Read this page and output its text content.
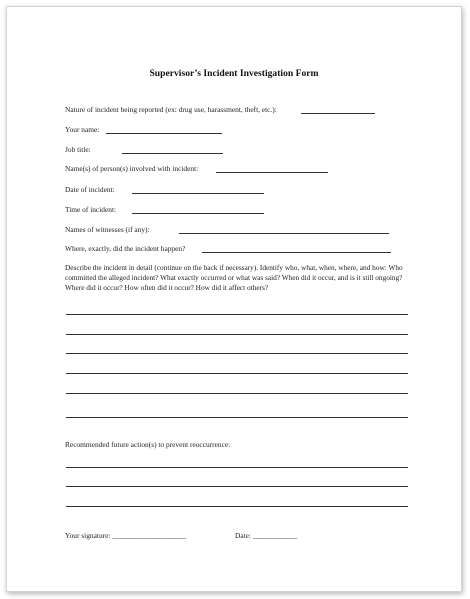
Supervisor’s Incident Investigation Form
Nature of incident being reported (ex: drug use, harassment, theft, etc.):
Your name:
Job title:
Name(s) of person(s) involved with incident:
Date of incident:
Time of incident:
Names of witnesses (if any):
Where, exactly, did the incident happen?
Describe the incident in detail (continue on the back if necessary). Identify who, what, when, where, and how: Who committed the alleged incident? What exactly occurred or what was said? When did it occur, and is it still ongoing? Where did it occur? How often did it occur? How did it affect others?
Recommended future action(s) to prevent reoccurrence:
Your signature: ____________________	Date: ____________
